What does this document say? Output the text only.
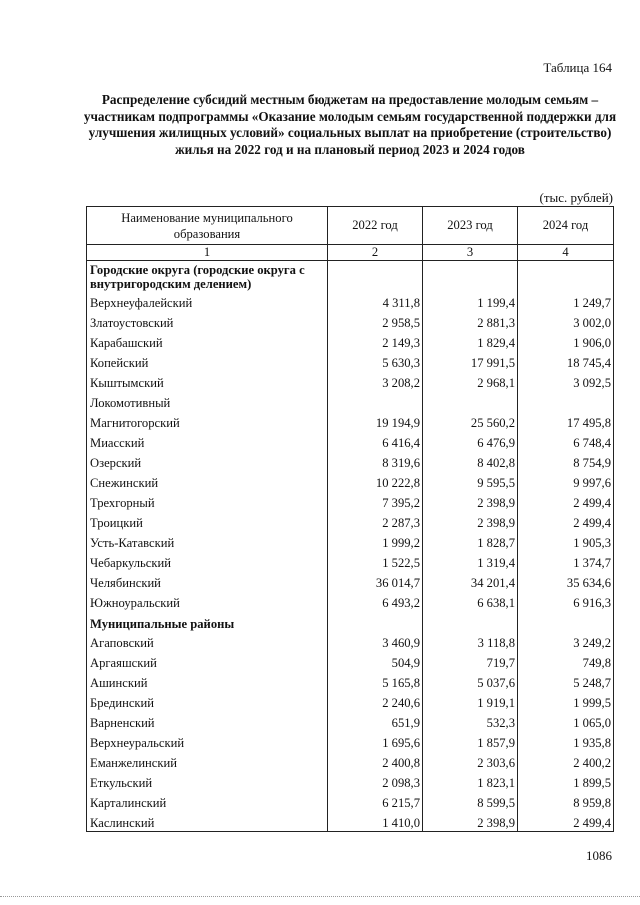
Таблица 164
Распределение субсидий местным бюджетам на предоставление молодым семьям – участникам подпрограммы «Оказание молодым семьям государственной поддержки для улучшения жилищных условий» социальных выплат на приобретение (строительство) жилья на 2022 год и на плановый период 2023 и 2024 годов
(тыс. рублей)
Наименование муниципального образования	2022 год	2023 год	2024 год
1	2	3	4
Городские округа (городские округа с внутригородским делением)			
Верхнеуфалейский	4 311,8	1 199,4	1 249,7
Златоустовский	2 958,5	2 881,3	3 002,0
Карабашский	2 149,3	1 829,4	1 906,0
Копейский	5 630,3	17 991,5	18 745,4
Кыштымский	3 208,2	2 968,1	3 092,5
Локомотивный			
Магнитогорский	19 194,9	25 560,2	17 495,8
Миасский	6 416,4	6 476,9	6 748,4
Озерский	8 319,6	8 402,8	8 754,9
Снежинский	10 222,8	9 595,5	9 997,6
Трехгорный	7 395,2	2 398,9	2 499,4
Троицкий	2 287,3	2 398,9	2 499,4
Усть-Катавский	1 999,2	1 828,7	1 905,3
Чебаркульский	1 522,5	1 319,4	1 374,7
Челябинский	36 014,7	34 201,4	35 634,6
Южноуральский	6 493,2	6 638,1	6 916,3
Муниципальные районы			
Агаповский	3 460,9	3 118,8	3 249,2
Аргаяшский	504,9	719,7	749,8
Ашинский	5 165,8	5 037,6	5 248,7
Брединский	2 240,6	1 919,1	1 999,5
Варненский	651,9	532,3	1 065,0
Верхнеуральский	1 695,6	1 857,9	1 935,8
Еманжелинский	2 400,8	2 303,6	2 400,2
Еткульский	2 098,3	1 823,1	1 899,5
Карталинский	6 215,7	8 599,5	8 959,8
Каслинский	1 410,0	2 398,9	2 499,4
1086
